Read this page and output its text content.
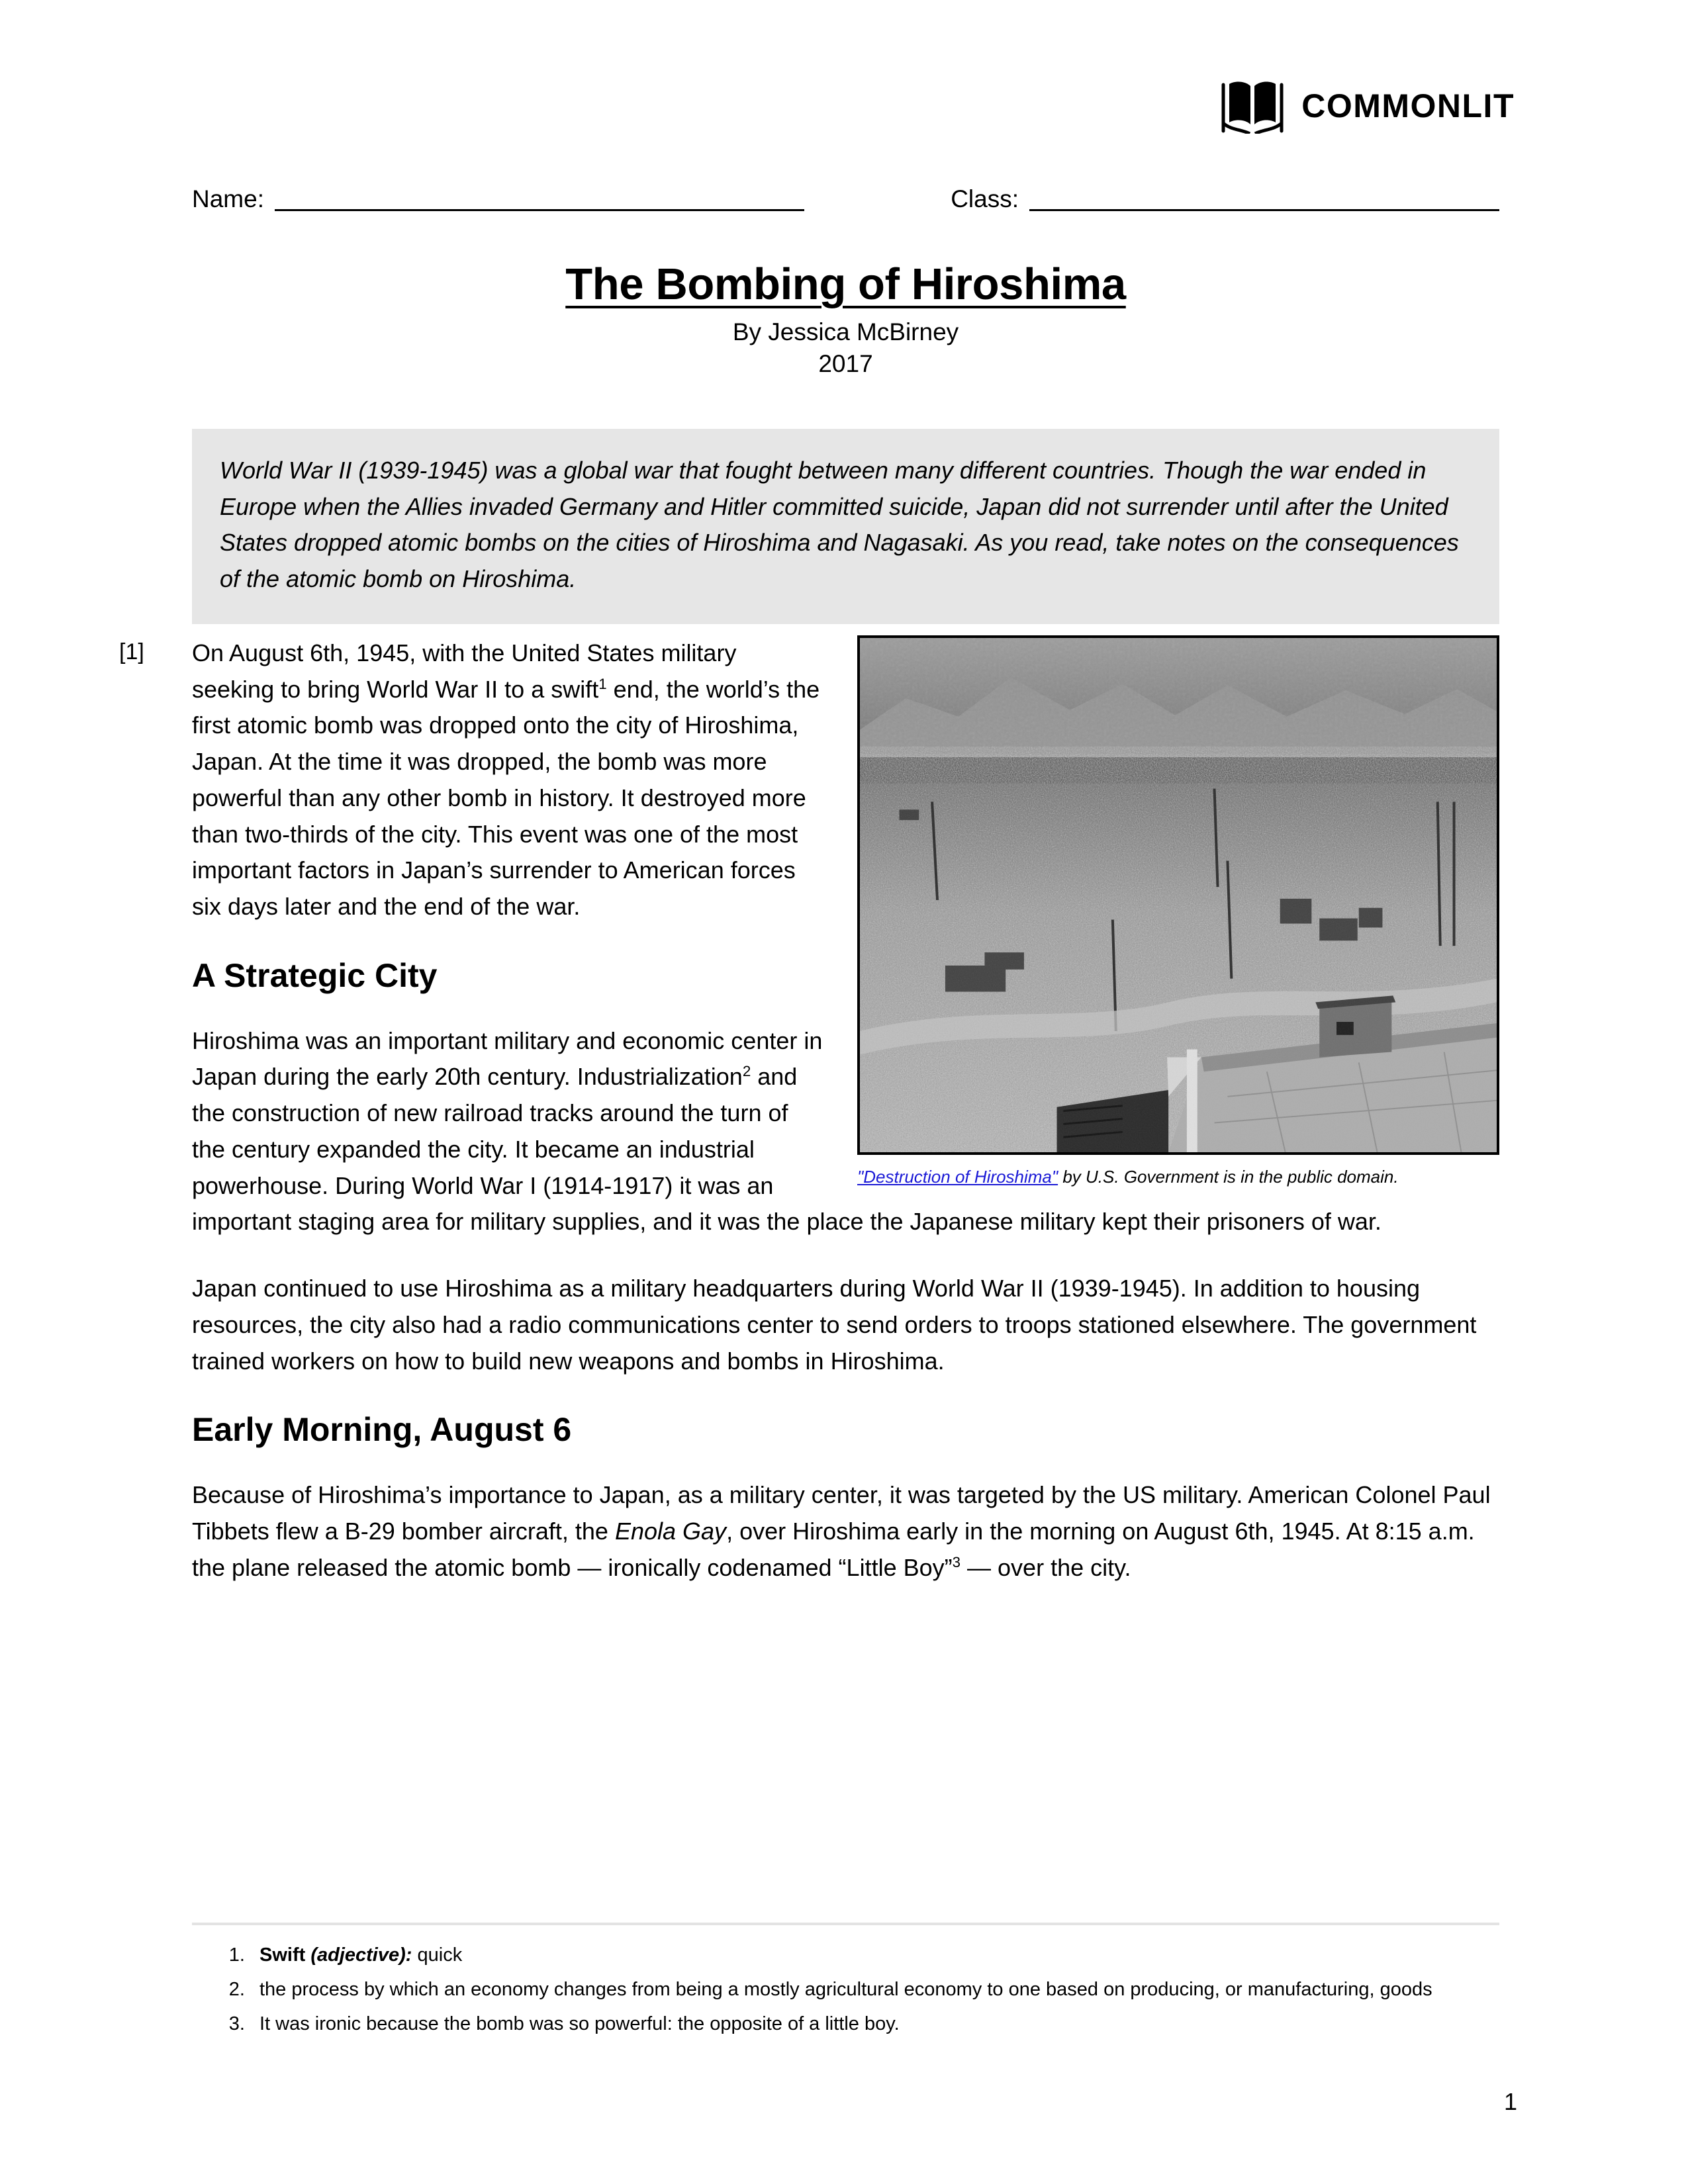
COMMONLIT
Name:	Class:
The Bombing of Hiroshima

By Jessica McBirney

2017

World War II (1939-1945) was a global war that fought between many different countries. Though the war ended in Europe when the Allies invaded Germany and Hitler committed suicide, Japan did not surrender until after the United States dropped atomic bombs on the cities of Hiroshima and Nagasaki. As you read, take notes on the consequences of the atomic bomb on Hiroshima.

"Destruction of Hiroshima" by U.S. Government is in the public domain.

[1] On August 6th, 1945, with the United States military seeking to bring World War II to a swift$^1$ end, the world’s the first atomic bomb was dropped onto the city of Hiroshima, Japan. At the time it was dropped, the bomb was more powerful than any other bomb in history. It destroyed more than two-thirds of the city. This event was one of the most important factors in Japan’s surrender to American forces six days later and the end of the war.

A Strategic City

Hiroshima was an important military and economic center in Japan during the early 20th century. Industrialization$^2$ and the construction of new railroad tracks around the turn of the century expanded the city. It became an industrial powerhouse. During World War I (1914-1917) it was an important staging area for military supplies, and it was the place the Japanese military kept their prisoners of war.

Japan continued to use Hiroshima as a military headquarters during World War II (1939-1945). In addition to housing resources, the city also had a radio communications center to send orders to troops stationed elsewhere. The government trained workers on how to build new weapons and bombs in Hiroshima.

Early Morning, August 6

Because of Hiroshima’s importance to Japan, as a military center, it was targeted by the US military. American Colonel Paul Tibbets flew a B-29 bomber aircraft, the Enola Gay, over Hiroshima early in the morning on August 6th, 1945. At 8:15 a.m. the plane released the atomic bomb — ironically codenamed “Little Boy”$^3$ — over the city.

1. Swift (adjective): quick
2. the process by which an economy changes from being a mostly agricultural economy to one based on producing, or manufacturing, goods
3. It was ironic because the bomb was so powerful: the opposite of a little boy.
1
